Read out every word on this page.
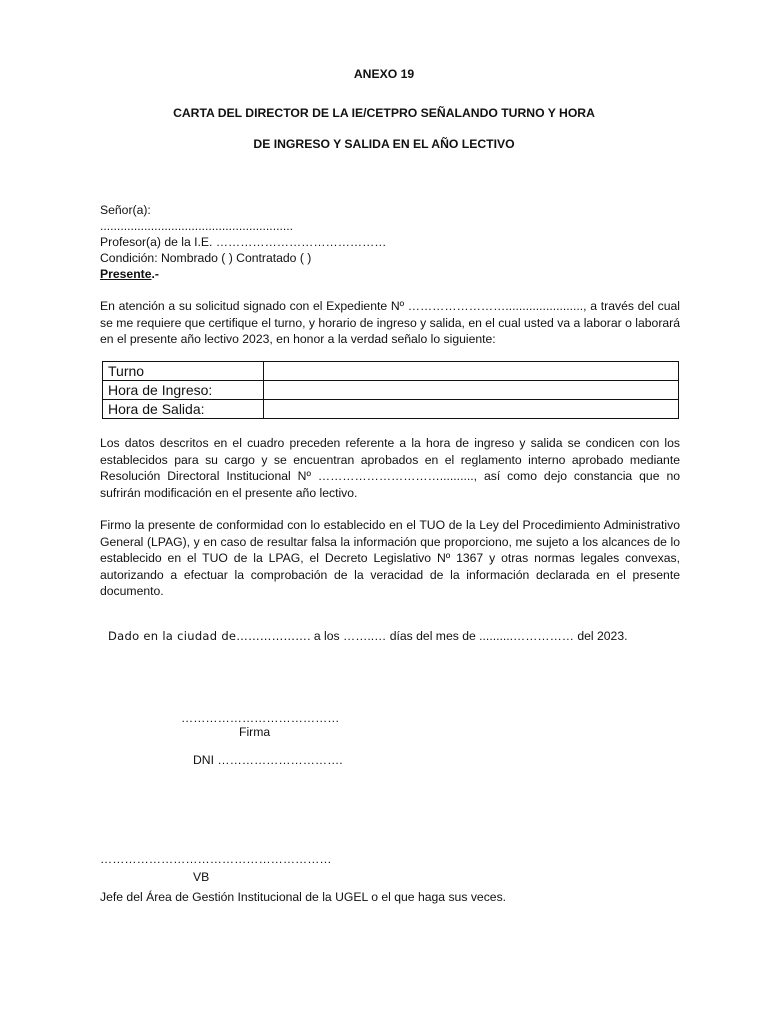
ANEXO 19
CARTA DEL DIRECTOR DE LA IE/CETPRO SEÑALANDO TURNO Y HORA
DE INGRESO Y SALIDA EN EL AÑO LECTIVO
Señor(a):
.........................................................
Profesor(a) de la I.E. ……………………………………
Condición: Nombrado ( ) Contratado ( )
Presente.-
En atención a su solicitud signado con el Expediente Nº ……………………......................., a través del cual se me requiere que certifique el turno, y horario de ingreso y salida, en el cual usted va a laborar o laborará en el presente año lectivo 2023, en honor a la verdad señalo lo siguiente:
Turno	
Hora de Ingreso:	
Hora de Salida:	
Los datos descritos en el cuadro preceden referente a la hora de ingreso y salida se condicen con los establecidos para su cargo y se encuentran aprobados en el reglamento interno aprobado mediante Resolución Directoral Institucional Nº ………………………….........., así como dejo constancia que no sufrirán modificación en el presente año lectivo.
Firmo la presente de conformidad con lo establecido en el TUO de la Ley del Procedimiento Administrativo General (LPAG), y en caso de resultar falsa la información que proporciono, me sujeto a los alcances de lo establecido en el TUO de la LPAG, el Decreto Legislativo Nº 1367 y otras normas legales convexas, autorizando a efectuar la comprobación de la veracidad de la información declarada en el presente documento.
Dado en la ciudad de………………. a los ……..… días del mes de ..........…………… del 2023.
…………………………………
Firma
DNI ………………………….
…………………………………………………
VB
Jefe del Área de Gestión Institucional de la UGEL o el que haga sus veces.
